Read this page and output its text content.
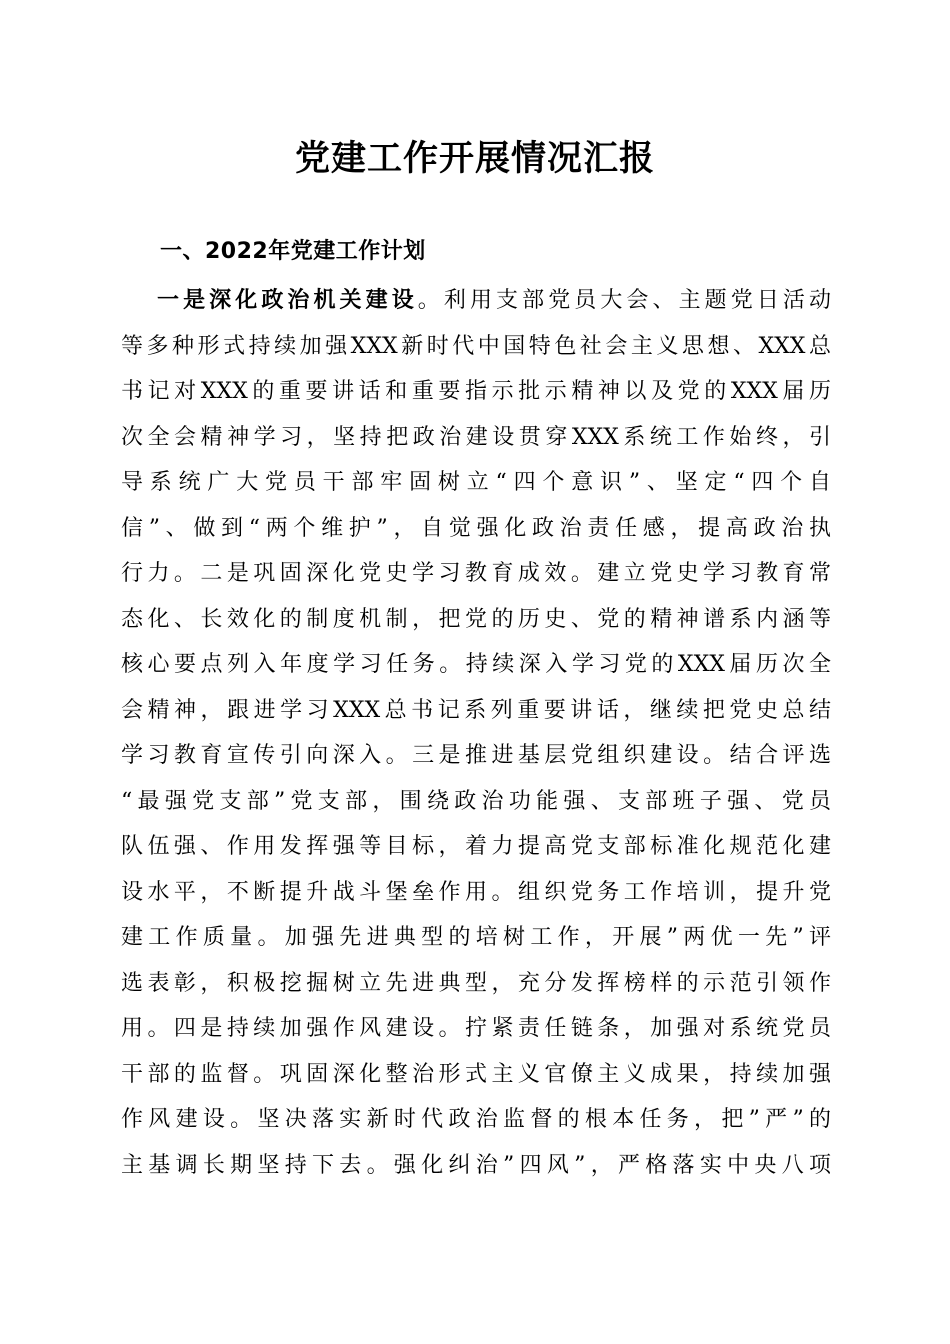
党建工作开展情况汇报
一、2022年党建工作计划
一是深化政治机关建设。利用支部党员大会、主题党日活动
等多种形式持续加强XXX新时代中国特色社会主义思想、XXX总
书记对XXX的重要讲话和重要指示批示精神以及党的XXX届历
次全会精神学习，坚持把政治建设贯穿XXX系统工作始终，引
导系统广大党员干部牢固树立“四个意识”、坚定“四个自
信”、做到“两个维护”，自觉强化政治责任感，提高政治执
行力。二是巩固深化党史学习教育成效。建立党史学习教育常
态化、长效化的制度机制，把党的历史、党的精神谱系内涵等
核心要点列入年度学习任务。持续深入学习党的XXX届历次全
会精神，跟进学习XXX总书记系列重要讲话，继续把党史总结
学习教育宣传引向深入。三是推进基层党组织建设。结合评选
“最强党支部”党支部，围绕政治功能强、支部班子强、党员
队伍强、作用发挥强等目标，着力提高党支部标准化规范化建
设水平，不断提升战斗堡垒作用。组织党务工作培训，提升党
建工作质量。加强先进典型的培树工作，开展”两优一先”评
选表彰，积极挖掘树立先进典型，充分发挥榜样的示范引领作
用。四是持续加强作风建设。拧紧责任链条，加强对系统党员
干部的监督。巩固深化整治形式主义官僚主义成果，持续加强
作风建设。坚决落实新时代政治监督的根本任务，把”严”的
主基调长期坚持下去。强化纠治”四风”，严格落实中央八项
